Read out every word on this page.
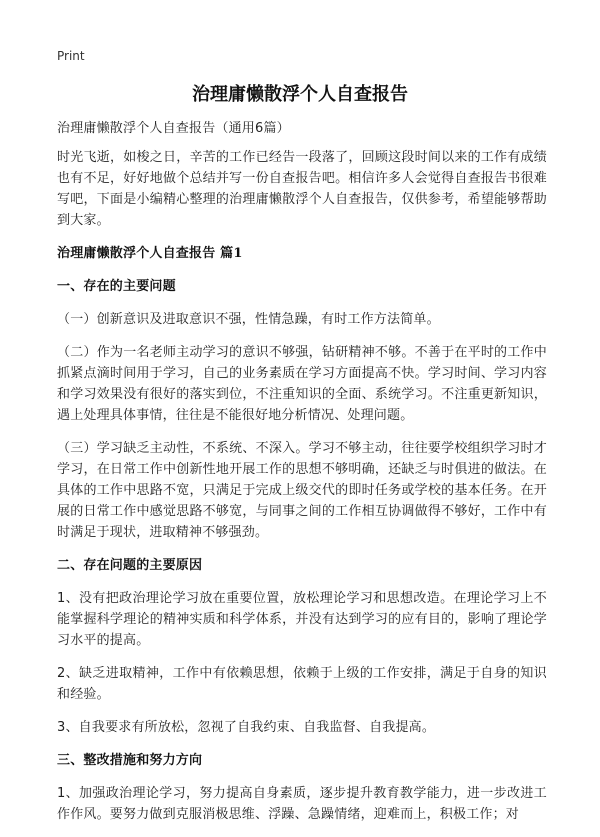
Print
治理庸懒散浮个人自查报告

治理庸懒散浮个人自查报告（通用6篇）

时光飞逝，如梭之日，辛苦的工作已经告一段落了，回顾这段时间以来的工作有成绩也有不足，好好地做个总结并写一份自查报告吧。相信许多人会觉得自查报告书很难写吧，下面是小编精心整理的治理庸懒散浮个人自查报告，仅供参考，希望能够帮助到大家。

治理庸懒散浮个人自查报告 篇1

一、存在的主要问题

（一）创新意识及进取意识不强，性情急躁，有时工作方法简单。

（二）作为一名老师主动学习的意识不够强，钻研精神不够。不善于在平时的工作中抓紧点滴时间用于学习，自己的业务素质在学习方面提高不快。学习时间、学习内容和学习效果没有很好的落实到位，不注重知识的全面、系统学习。不注重更新知识，遇上处理具体事情，往往是不能很好地分析情况、处理问题。

（三）学习缺乏主动性，不系统、不深入。学习不够主动，往往要学校组织学习时才学习，在日常工作中创新性地开展工作的思想不够明确，还缺乏与时俱进的做法。在具体的工作中思路不宽，只满足于完成上级交代的即时任务或学校的基本任务。在开展的日常工作中感觉思路不够宽，与同事之间的工作相互协调做得不够好，工作中有时满足于现状，进取精神不够强劲。

二、存在问题的主要原因

1、没有把政治理论学习放在重要位置，放松理论学习和思想改造。在理论学习上不能掌握科学理论的精神实质和科学体系，并没有达到学习的应有目的，影响了理论学习水平的提高。

2、缺乏进取精神，工作中有依赖思想，依赖于上级的工作安排，满足于自身的知识和经验。

3、自我要求有所放松，忽视了自我约束、自我监督、自我提高。

三、整改措施和努力方向

1、加强政治理论学习，努力提高自身素质，逐步提升教育教学能力，进一步改进工作作风。要努力做到克服消极思维、浮躁、急躁情绪，迎难而上，积极工作；对
